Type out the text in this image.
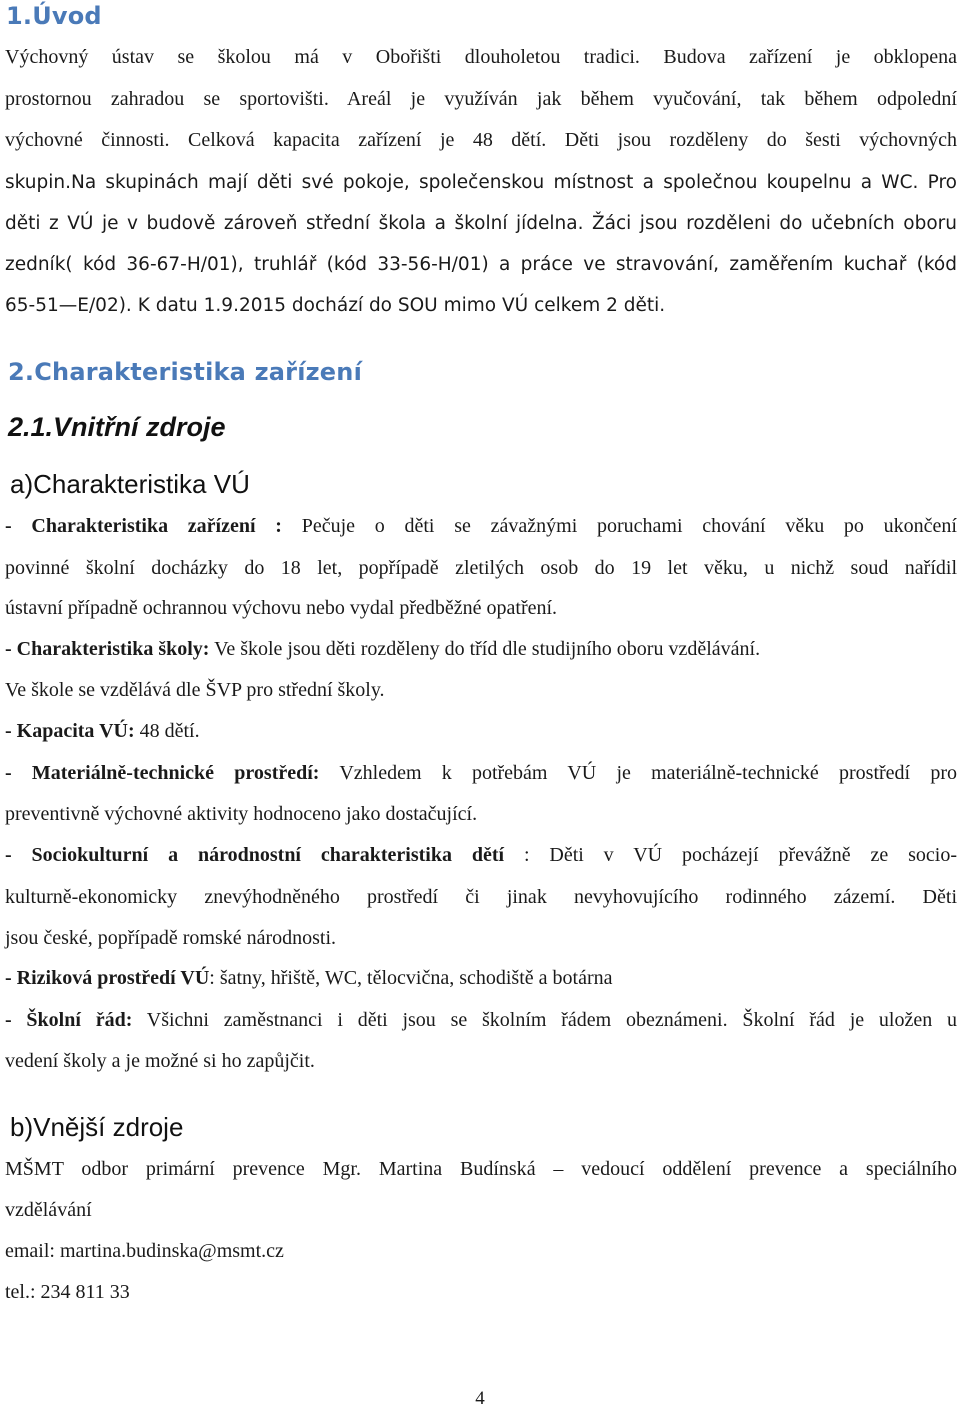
1.Úvod
Výchovný ústav se školou má v Obořišti dlouholetou tradici. Budova zařízení je obklopena
prostornou zahradou se sportovišti. Areál je využíván jak během vyučování, tak během odpolední
výchovné činnosti. Celková kapacita zařízení je 48 dětí. Děti jsou rozděleny do šesti výchovných
skupin.Na skupinách mají děti své pokoje, společenskou místnost a společnou koupelnu a WC. Pro
děti z VÚ je v budově zároveň střední škola a školní jídelna. Žáci jsou rozděleni do učebních oboru
zedník( kód 36-67-H/01), truhlář (kód 33-56-H/01) a práce ve stravování, zaměřením kuchař (kód
65-51—E/02). K datu 1.9.2015 dochází do SOU mimo VÚ celkem 2 děti.
2.Charakteristika zařízení
2.1.Vnitřní zdroje
a)Charakteristika VÚ
- Charakteristika zařízení : Pečuje o děti se závažnými poruchami chování věku po ukončení
povinné školní docházky do 18 let, popřípadě zletilých osob do 19 let věku, u nichž soud nařídil
ústavní případně ochrannou výchovu nebo vydal předběžné opatření.
- Charakteristika školy: Ve škole jsou děti rozděleny do tříd dle studijního oboru vzdělávání.
Ve škole se vzdělává dle ŠVP pro střední školy.
- Kapacita VÚ: 48 dětí.
- Materiálně-technické prostředí: Vzhledem k potřebám VÚ je materiálně-technické prostředí pro
preventivně výchovné aktivity hodnoceno jako dostačující.
- Sociokulturní a národnostní charakteristika dětí : Děti v VÚ pocházejí převážně ze socio-
kulturně-ekonomicky znevýhodněného prostředí či jinak nevyhovujícího rodinného zázemí. Děti
jsou české, popřípadě romské národnosti.
- Riziková prostředí VÚ: šatny, hřiště, WC, tělocvična, schodiště a botárna
- Školní řád: Všichni zaměstnanci i děti jsou se školním řádem obeznámeni. Školní řád je uložen u
vedení školy a je možné si ho zapůjčit.
b)Vnější zdroje
MŠMT odbor primární prevence Mgr. Martina Budínská – vedoucí oddělení prevence a speciálního
vzdělávání
email: martina.budinska@msmt.cz
tel.: 234 811 33
4
